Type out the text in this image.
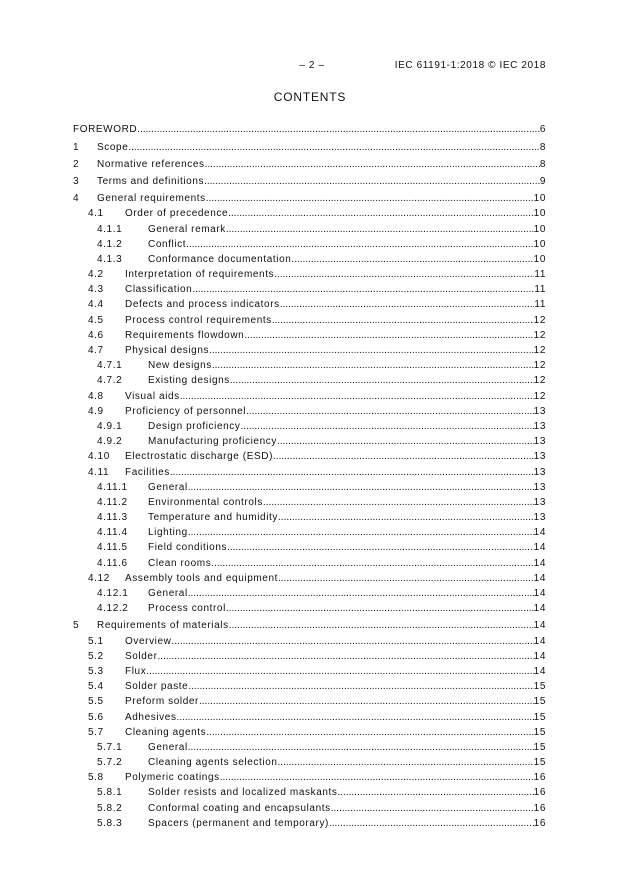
– 2 –	IEC 61191-1:2018 © IEC 2018
CONTENTS
FOREWORD .....	6
1	Scope .....	8
2	Normative references .....	8
3	Terms and definitions .....	9
4	General requirements .....	10
4.1	Order of precedence .....	10
4.1.1	General remark .....	10
4.1.2	Conflict .....	10
4.1.3	Conformance documentation .....	10
4.2	Interpretation of requirements .....	11
4.3	Classification .....	11
4.4	Defects and process indicators .....	11
4.5	Process control requirements .....	12
4.6	Requirements flowdown .....	12
4.7	Physical designs .....	12
4.7.1	New designs .....	12
4.7.2	Existing designs .....	12
4.8	Visual aids .....	12
4.9	Proficiency of personnel .....	13
4.9.1	Design proficiency .....	13
4.9.2	Manufacturing proficiency .....	13
4.10	Electrostatic discharge (ESD) .....	13
4.11	Facilities .....	13
4.11.1	General .....	13
4.11.2	Environmental controls .....	13
4.11.3	Temperature and humidity .....	13
4.11.4	Lighting .....	14
4.11.5	Field conditions .....	14
4.11.6	Clean rooms .....	14
4.12	Assembly tools and equipment .....	14
4.12.1	General .....	14
4.12.2	Process control .....	14
5	Requirements of materials .....	14
5.1	Overview .....	14
5.2	Solder .....	14
5.3	Flux .....	14
5.4	Solder paste .....	15
5.5	Preform solder .....	15
5.6	Adhesives .....	15
5.7	Cleaning agents .....	15
5.7.1	General .....	15
5.7.2	Cleaning agents selection .....	15
5.8	Polymeric coatings .....	16
5.8.1	Solder resists and localized maskants .....	16
5.8.2	Conformal coating and encapsulants .....	16
5.8.3	Spacers (permanent and temporary) .....	16
